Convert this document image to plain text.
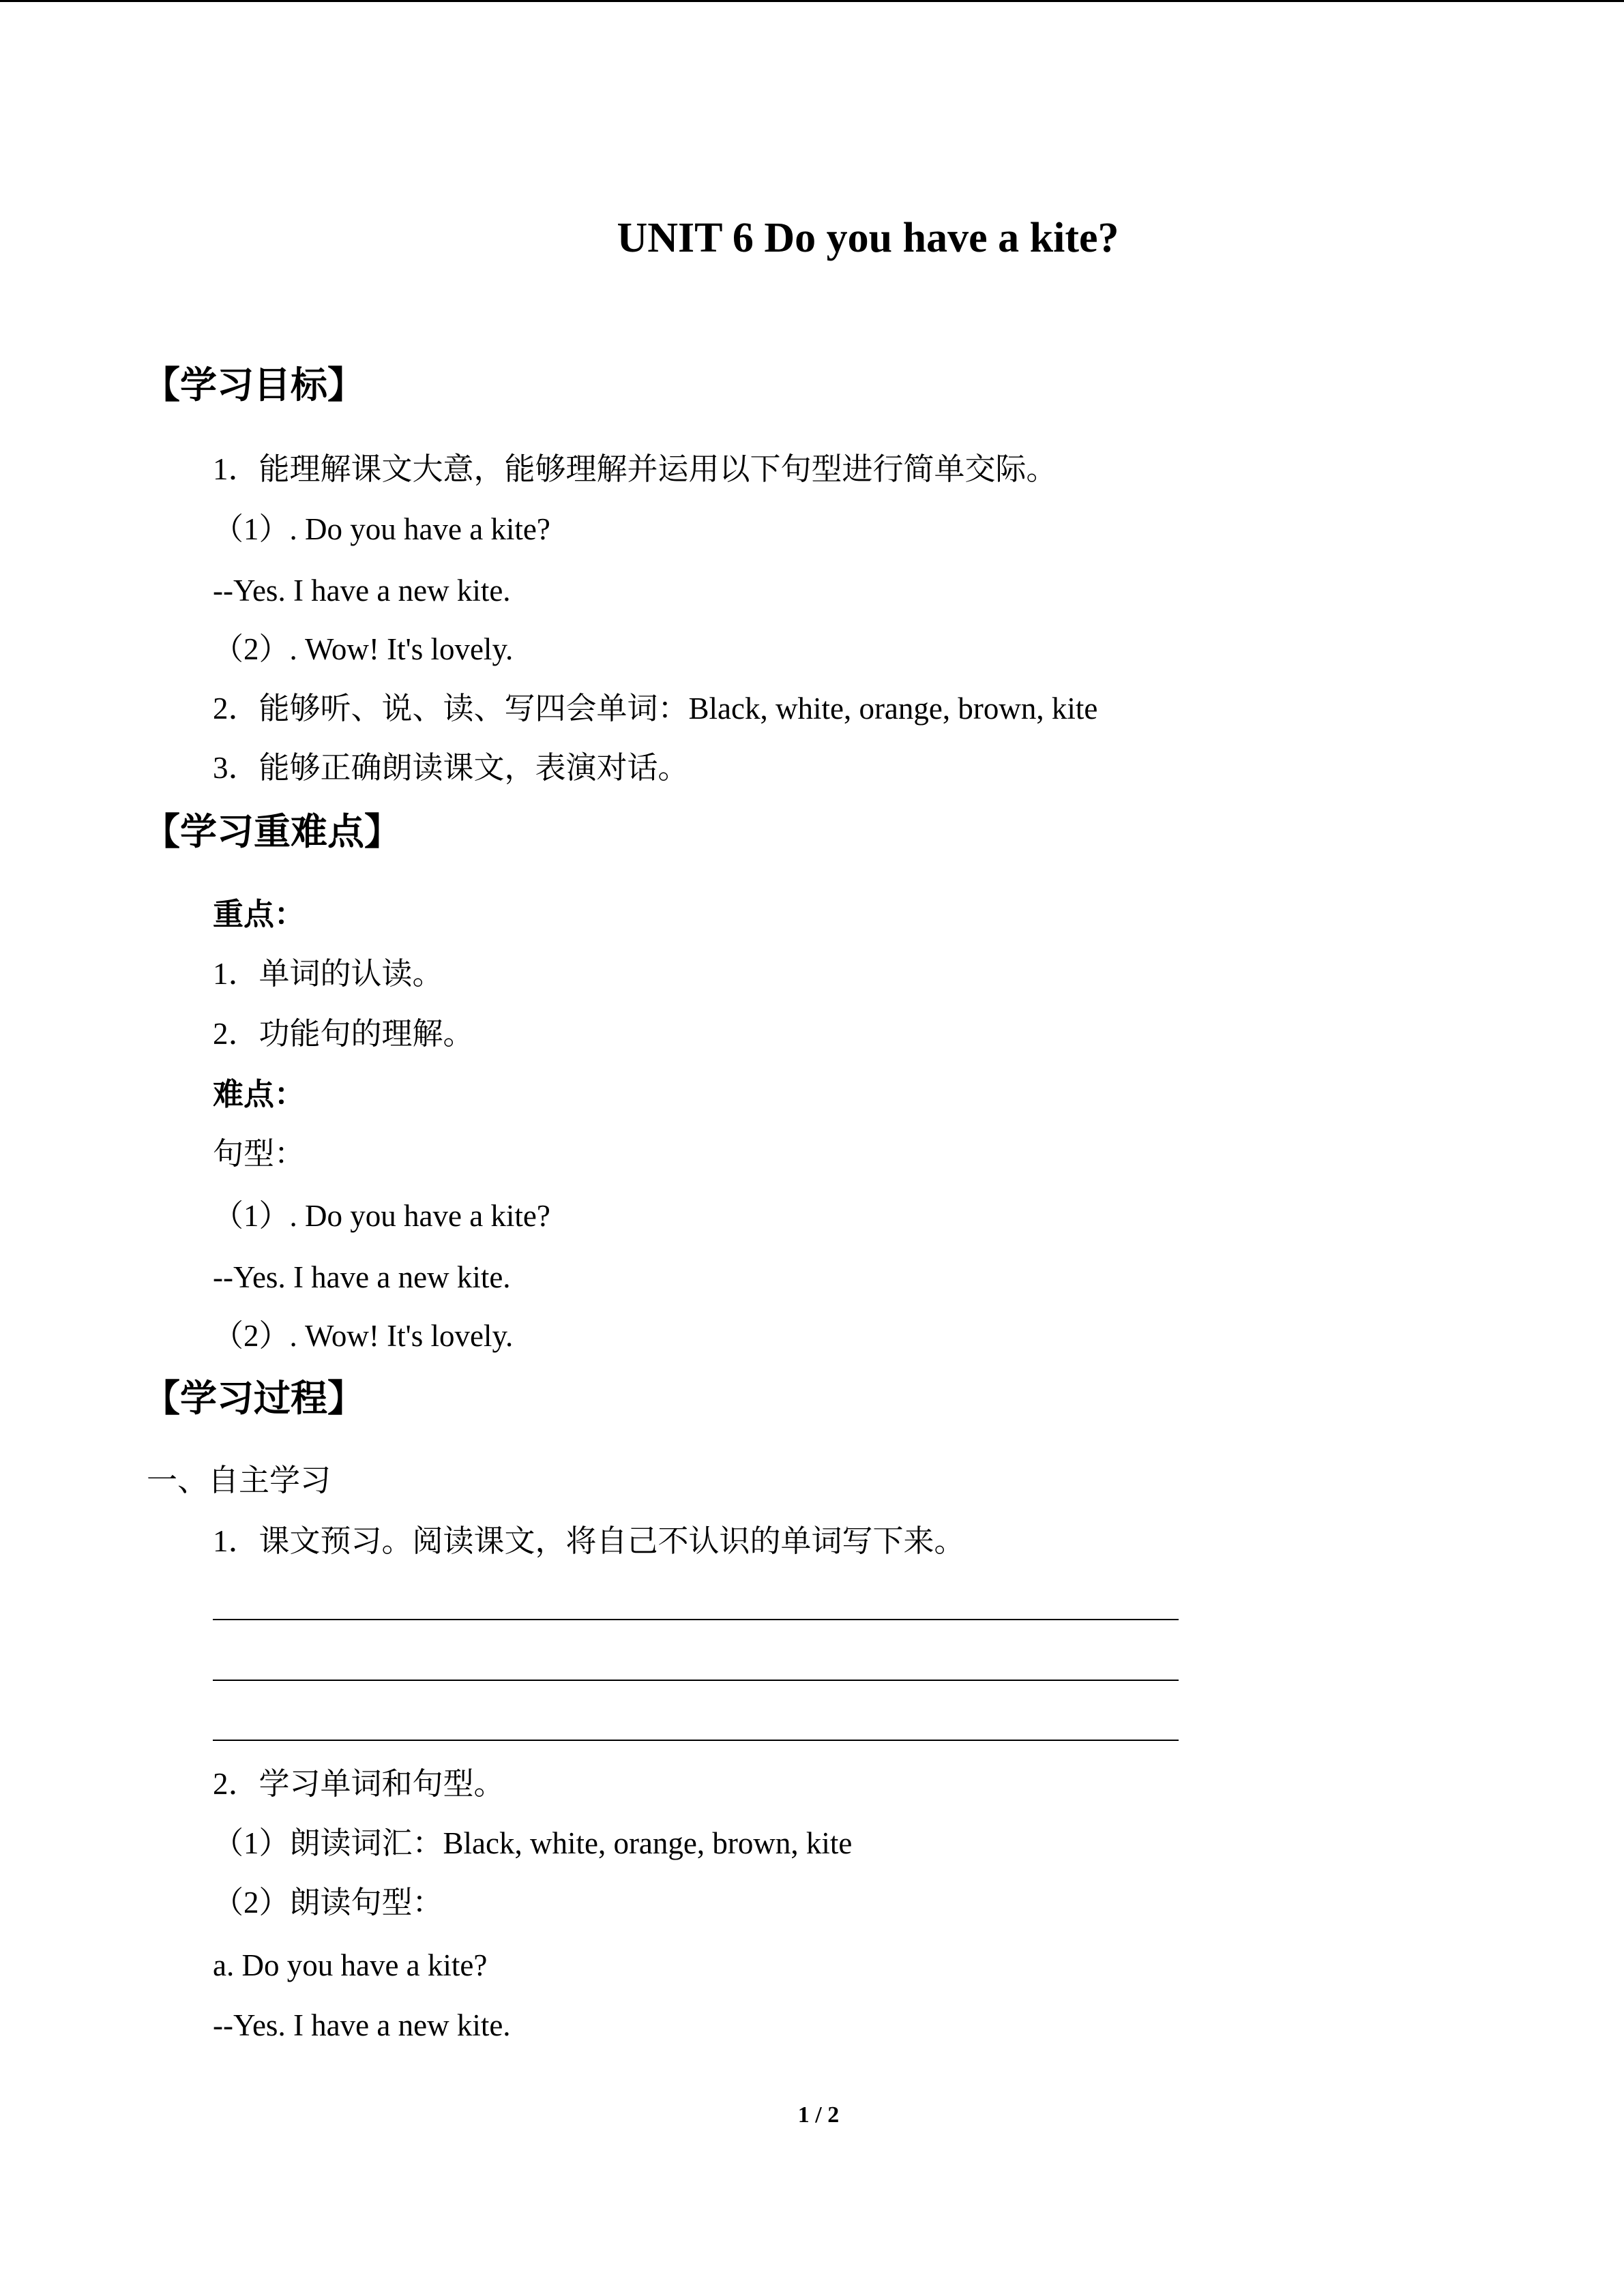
UNIT 6 Do you have a kite?
【学习目标】
1．能理解课文大意，能够理解并运用以下句型进行简单交际。
（1）. Do you have a kite?
--Yes. I have a new kite.
（2）. Wow! It's lovely.
2．能够听、说、读、写四会单词：Black, white, orange, brown, kite
3．能够正确朗读课文，表演对话。
【学习重难点】
重点：
1．单词的认读。
2．功能句的理解。
难点：
句型：
（1）. Do you have a kite?
--Yes. I have a new kite.
（2）. Wow! It's lovely.
【学习过程】
一、自主学习
1．课文预习。阅读课文，将自己不认识的单词写下来。
2．学习单词和句型。
（1）朗读词汇：Black, white, orange, brown, kite
（2）朗读句型：
a. Do you have a kite?
--Yes. I have a new kite.
1 / 2
